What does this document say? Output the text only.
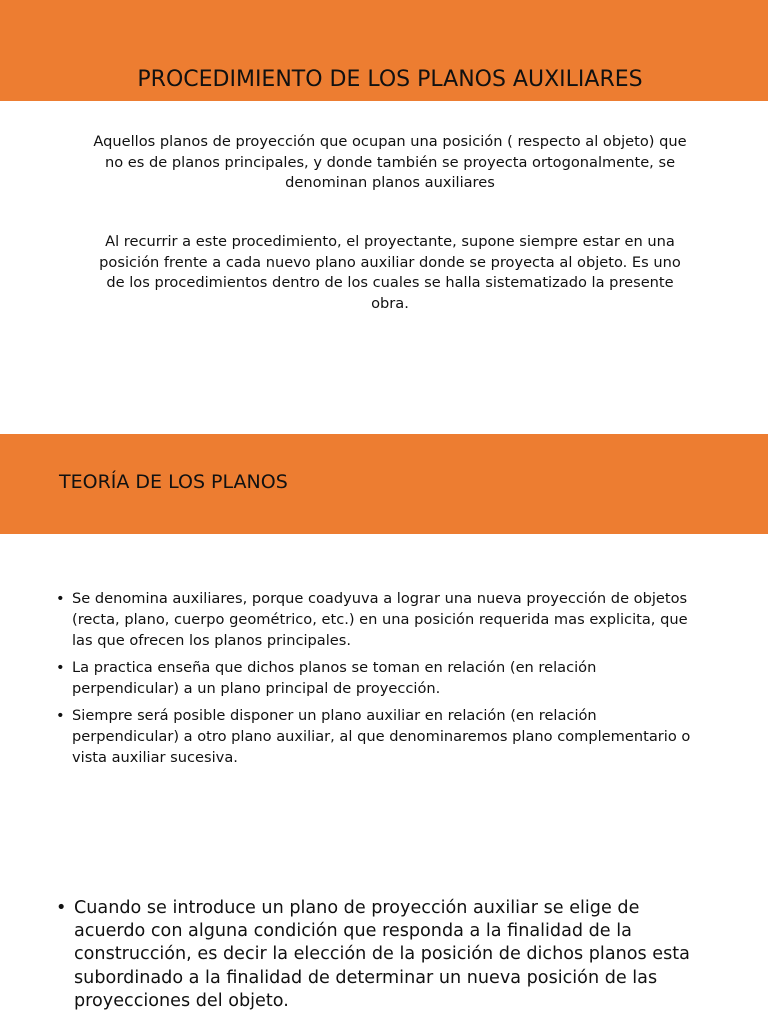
PROCEDIMIENTO DE LOS PLANOS AUXILIARES

Aquellos planos de proyección que ocupan una posición ( respecto al objeto) que no es de planos principales, y donde también se proyecta ortogonalmente, se denominan planos auxiliares

Al recurrir a este procedimiento, el proyectante, supone siempre estar en una posición frente a cada nuevo plano auxiliar donde se proyecta al objeto. Es uno de los procedimientos dentro de los cuales se halla sistematizado la presente obra.

TEORÍA DE LOS PLANOS
• Se denomina auxiliares, porque coadyuva a lograr una nueva proyección de objetos (recta, plano, cuerpo geométrico, etc.) en una posición requerida mas explicita, que las que ofrecen los planos principales.
• La practica enseña que dichos planos se toman en relación (en relación perpendicular) a un plano principal de proyección.
• Siempre será posible disponer un plano auxiliar en relación (en relación perpendicular) a otro plano auxiliar, al que denominaremos plano complementario o vista auxiliar sucesiva.
• Cuando se introduce un plano de proyección auxiliar se elige de acuerdo con alguna condición que responda a la finalidad de la construcción, es decir la elección de la posición de dichos planos esta subordinado a la finalidad de determinar un nueva posición de las proyecciones del objeto.
